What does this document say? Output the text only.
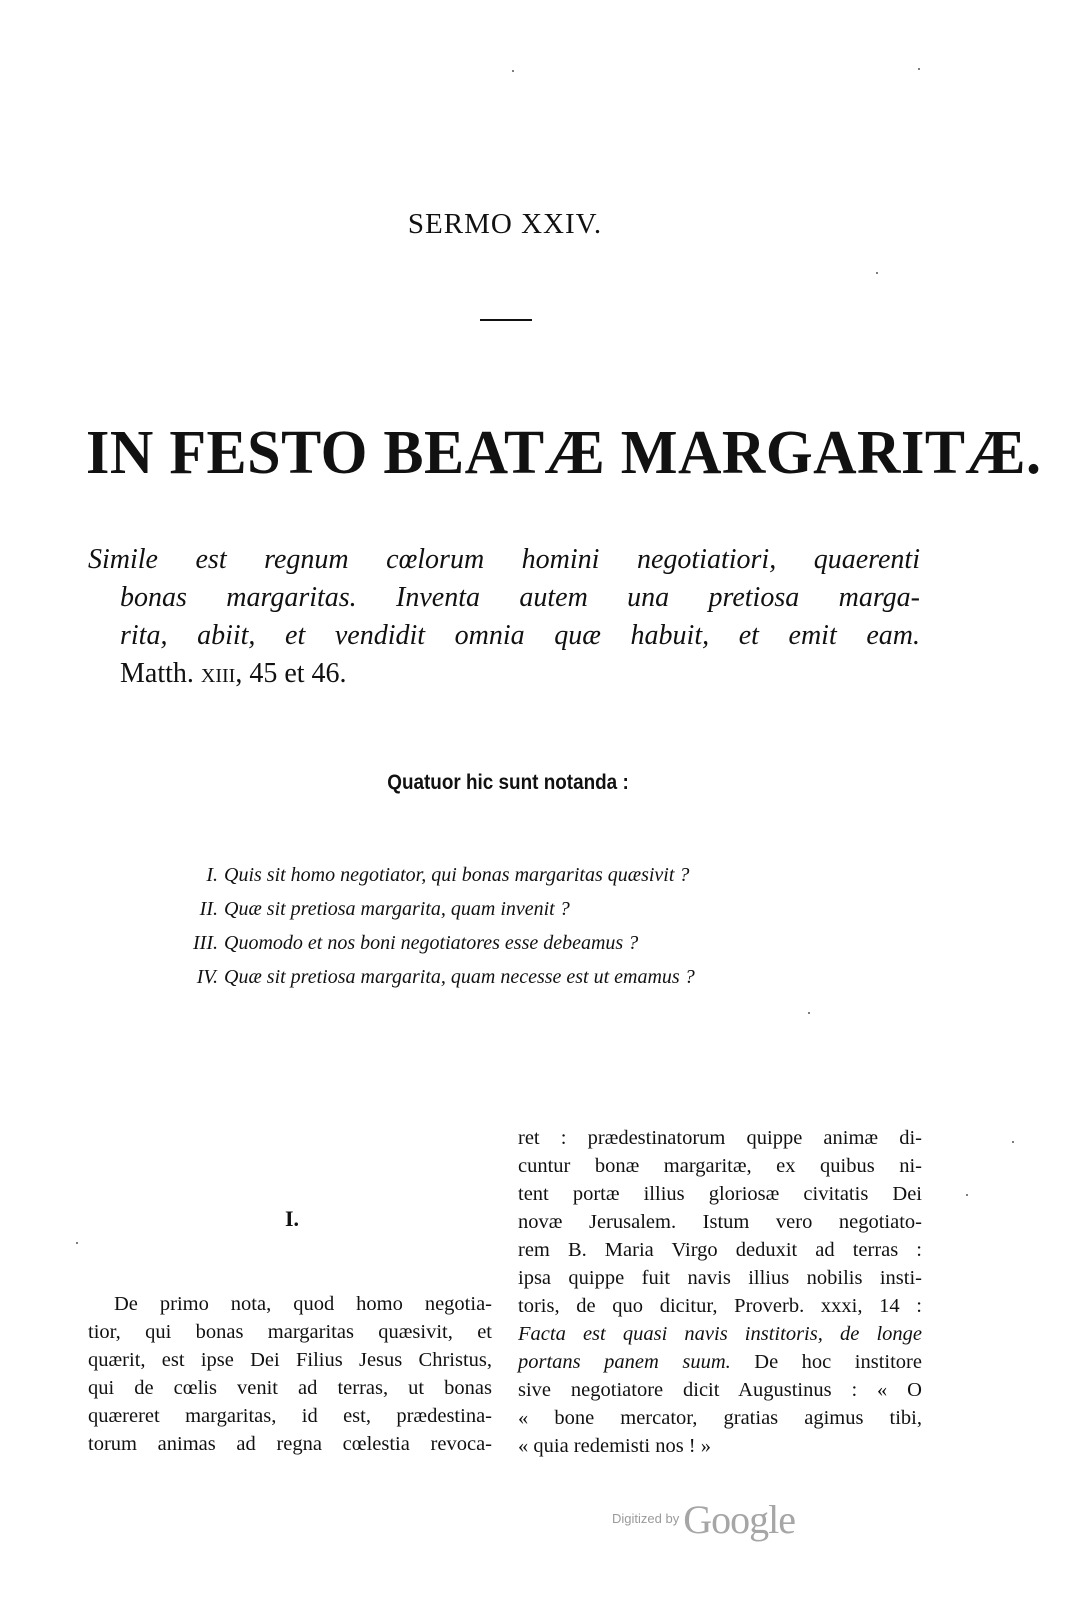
SERMO XXIV.
IN FESTO BEATÆ MARGARITÆ.
Simile est regnum cœlorum homini negotiatiori, quaerenti
bonas margaritas. Inventa autem una pretiosa marga-
rita, abiit, et vendidit omnia quæ habuit, et emit eam.
Matth. xiii, 45 et 46.
Quatuor hic sunt notanda :
I. Quis sit homo negotiator, qui bonas margaritas quæsivit ?
II. Quæ sit pretiosa margarita, quam invenit ?
III. Quomodo et nos boni negotiatores esse debeamus ?
IV. Quæ sit pretiosa margarita, quam necesse est ut emamus ?
I.
De primo nota, quod homo negotia-
tior, qui bonas margaritas quæsivit, et
quærit, est ipse Dei Filius Jesus Christus,
qui de cœlis venit ad terras, ut bonas
quæreret margaritas, id est, prædestina-
torum animas ad regna cœlestia revoca-
ret : prædestinatorum quippe animæ di-
cuntur bonæ margaritæ, ex quibus ni-
tent portæ illius gloriosæ civitatis Dei
novæ Jerusalem. Istum vero negotiato-
rem B. Maria Virgo deduxit ad terras :
ipsa quippe fuit navis illius nobilis insti-
toris, de quo dicitur, Proverb. xxxi, 14 :
Facta est quasi navis institoris, de longe
portans panem suum. De hoc institore
sive negotiatore dicit Augustinus : « O
« bone mercator, gratias agimus tibi,
« quia redemisti nos ! »
$^{Digitized by}$ Google
